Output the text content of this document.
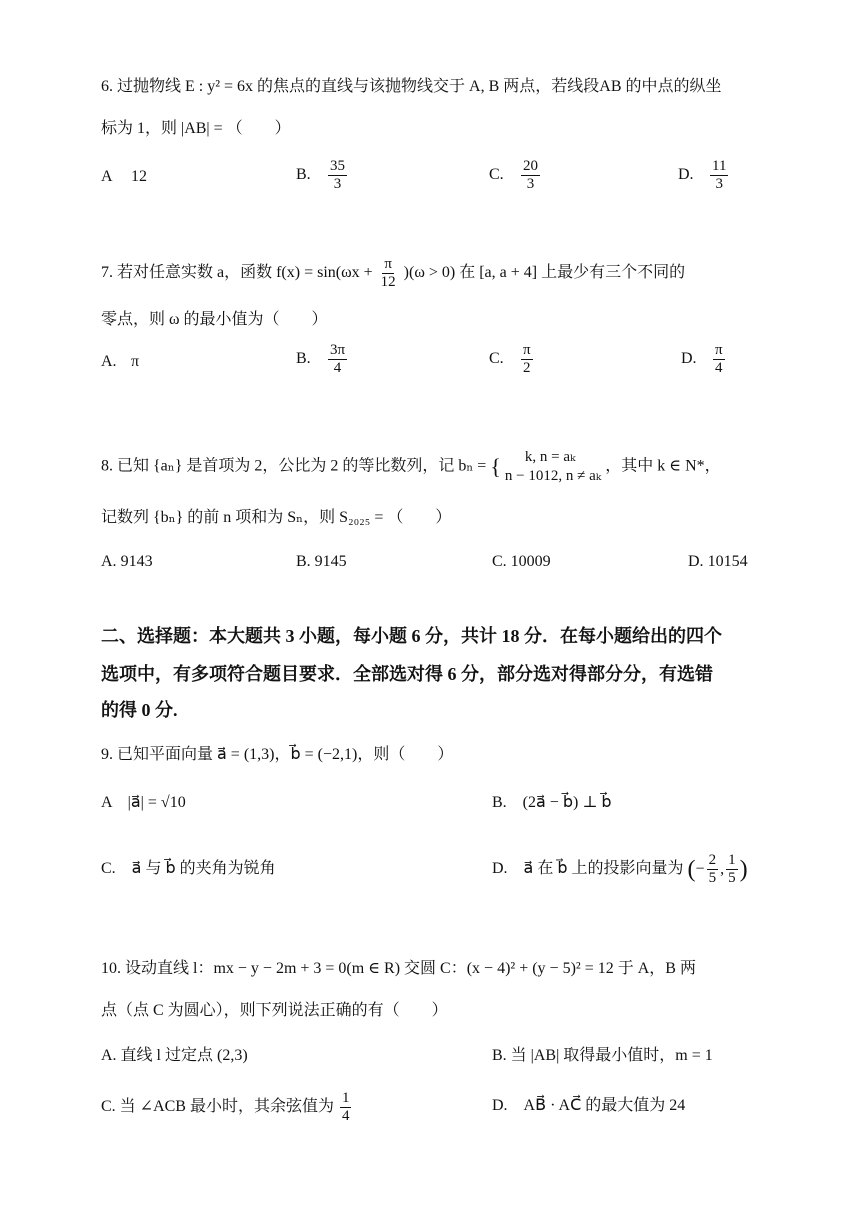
6. 过抛物线 E : y² = 6x 的焦点的直线与该抛物线交于 A, B 两点，若线段AB 的中点的纵坐
标为 1，则 |AB| = （　　）
A 12	B. $\frac{35}{3}$	C. $\frac{20}{3}$	D. $\frac{11}{3}$
7. 若对任意实数 a，函数 $f(x) = \sin(\omega x + \frac{\pi}{12} )(\omega > 0)$ 在 [a, a + 4] 上最少有三个不同的
零点，则 ω 的最小值为（　　）
A. π	B. $\frac{3\pi}{4}$	C. $\frac{\pi}{2}$	D. $\frac{\pi}{4}$
8. 已知 {aₙ} 是首项为 2，公比为 2 的等比数列，记 bₙ = {	k, n = aₖ
n − 1012, n ≠ aₖ
，其中 k ∈ N*，
记数列 {bₙ} 的前 n 项和为 Sₙ，则 S₂₀₂₅ = （　　）
A. 9143	B. 9145	C. 10009	D. 10154
二、选择题：本大题共 3 小题，每小题 6 分，共计 18 分．在每小题给出的四个
选项中，有多项符合题目要求．全部选对得 6 分，部分选对得部分分，有选错
的得 0 分.
9. 已知平面向量 a⃗ = (1,3)，b⃗ = (−2,1)，则（　　）
A　|a⃗| = √10	B.　(2a⃗ − b⃗) ⊥ b⃗
C.　a⃗ 与 b⃗ 的夹角为锐角	D.　a⃗ 在 b⃗ 上的投影向量为 (− $\frac{2}{5}$ , $\frac{1}{5}$ )
10. 设动直线 l：mx − y − 2m + 3 = 0(m ∈ R) 交圆 C：(x − 4)² + (y − 5)² = 12 于 A，B 两
点（点 C 为圆心），则下列说法正确的有（　　）
A. 直线 l 过定点 (2,3)	B. 当 |AB| 取得最小值时，m = 1
C. 当 ∠ACB 最小时，其余弦值为 $\frac{1}{4}$	D.　AB⃗ · AC⃗ 的最大值为 24
